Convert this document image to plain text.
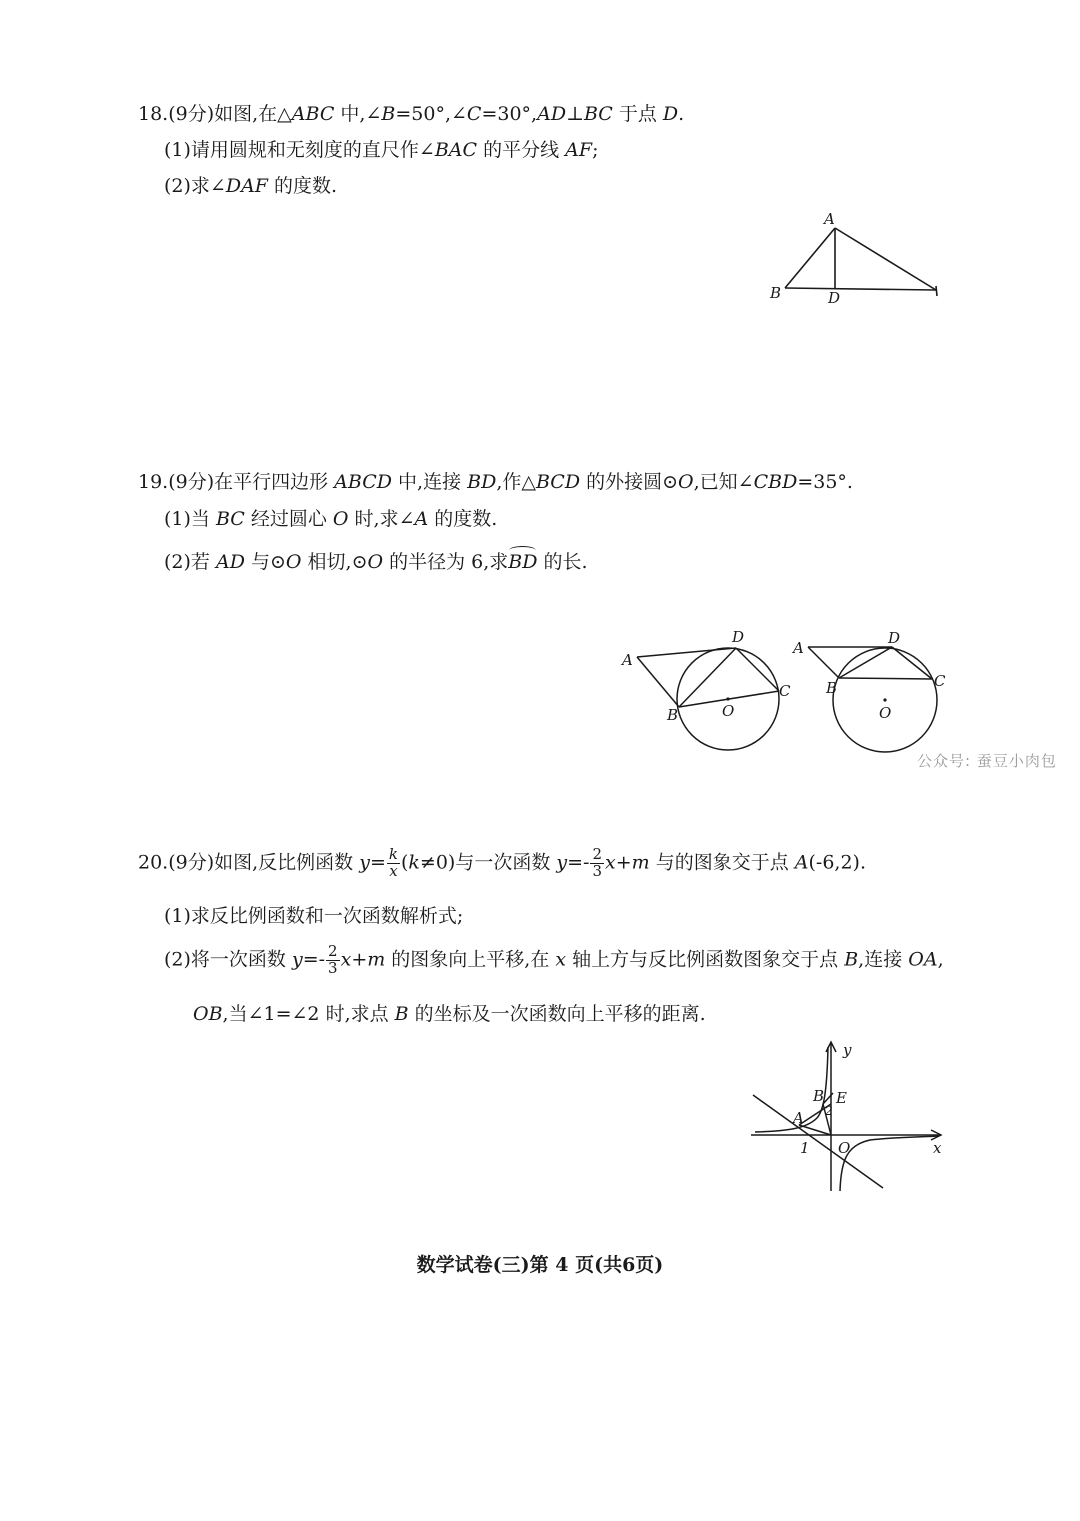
18.(9分)如图,在△ABC 中,∠B=50°,∠C=30°,AD⊥BC 于点 D.
(1)请用圆规和无刻度的直尺作∠BAC 的平分线 AF;
(2)求∠DAF 的度数.
A
B	D
19.(9分)在平行四边形 ABCD 中,连接 BD,作△BCD 的外接圆⊙O,已知∠CBD=35°.
(1)当 BC 经过圆心 O 时,求∠A 的度数.
(2)若 AD 与⊙O 相切,⊙O 的半径为 6,求BD 的长.
A
B
C
D
O
A
B	C
D
O
公众号: 蚕豆小肉包
20.(9分)如图,反比例函数 $y= \frac{k}{x} (k\ne 0)$与一次函数 $y=- \frac{2}{3} x+m$ 与的图象交于点 A(-6,2).
(1)求反比例函数和一次函数解析式;
(2)将一次函数 $y=- \frac{2}{3} x+m$ 的图象向上平移,在 x 轴上方与反比例函数图象交于点 B,连接 OA,
OB,当∠1=∠2 时,求点 B 的坐标及一次函数向上平移的距离.
y
x
O
A
B E
1
2
数学试卷(三)第 4 页(共6页)
